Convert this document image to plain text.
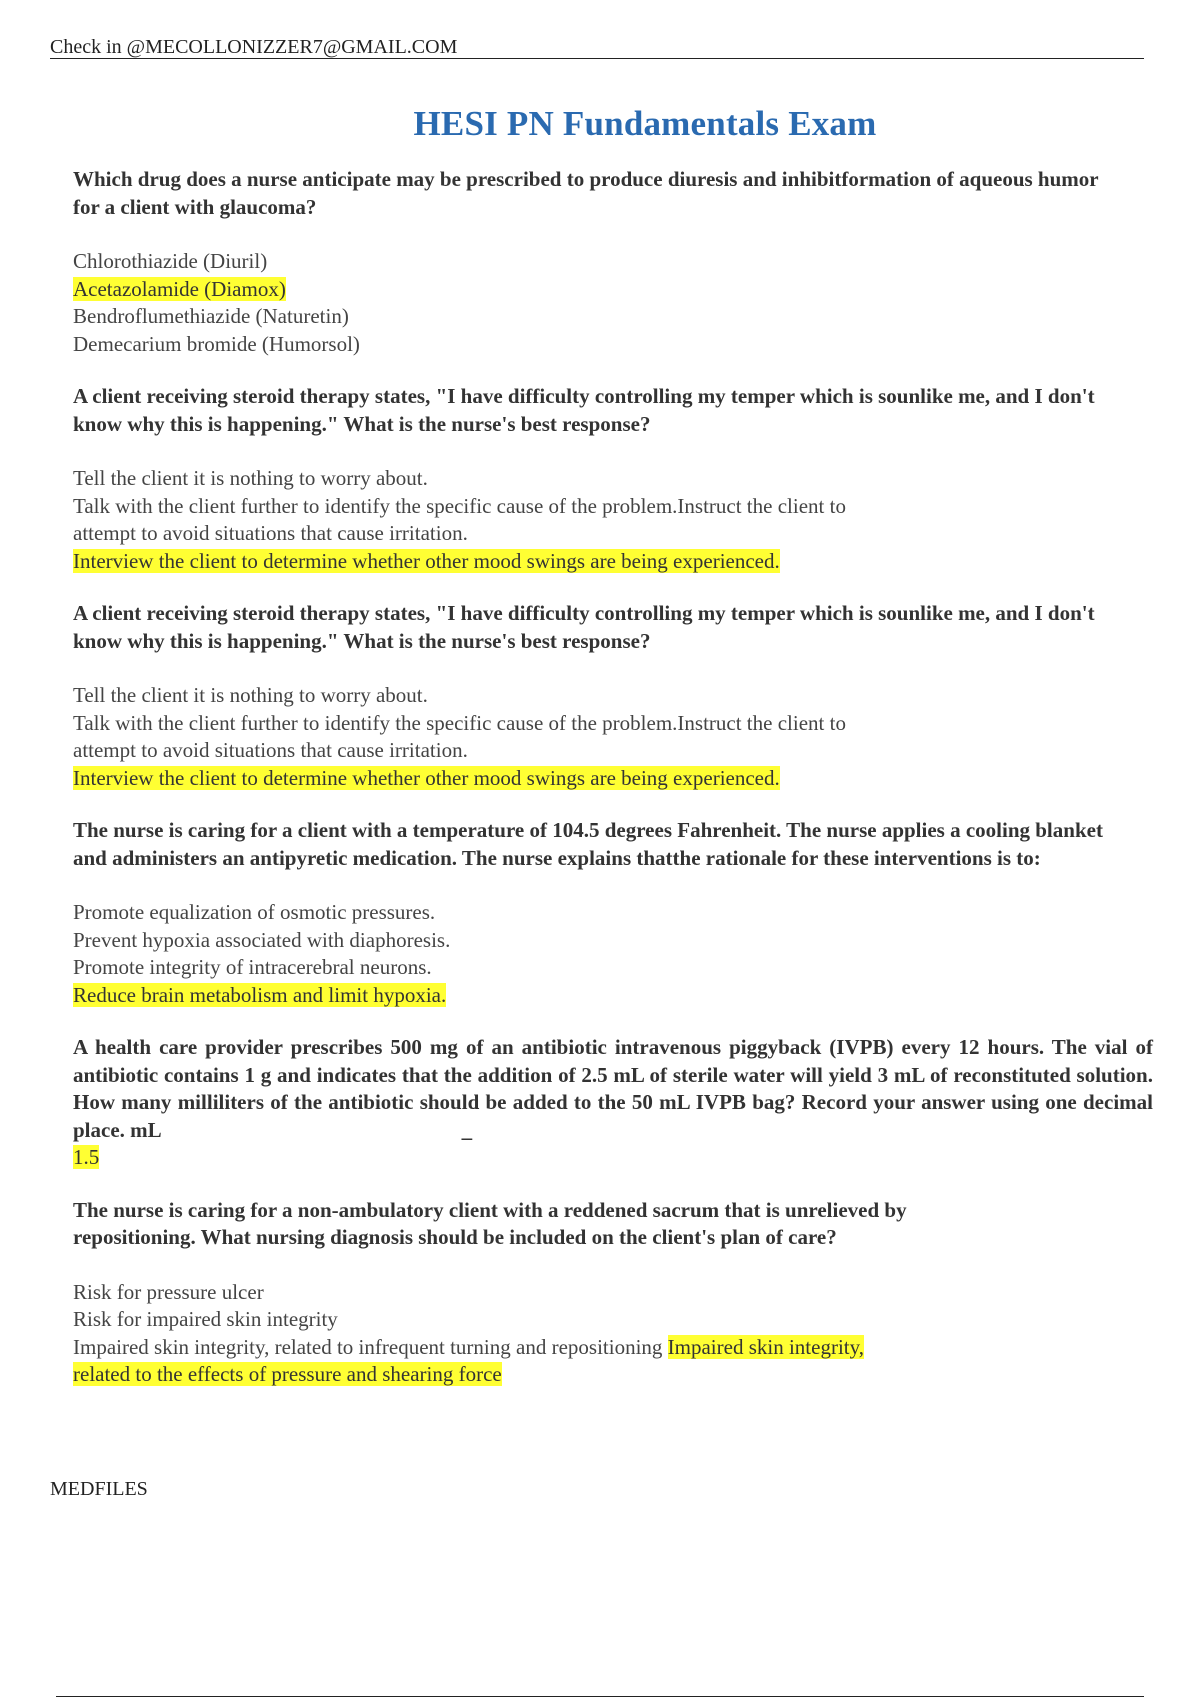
Check in @MECOLLONIZZER7@GMAIL.COM
HESI PN Fundamentals Exam

Which drug does a nurse anticipate may be prescribed to produce diuresis and inhibitformation of aqueous humor for a client with glaucoma?

Chlorothiazide (Diuril)
Acetazolamide (Diamox)
Bendroflumethiazide (Naturetin)
Demecarium bromide (Humorsol)

A client receiving steroid therapy states, "I have difficulty controlling my temper which is sounlike me, and I don't know why this is happening." What is the nurse's best response?

Tell the client it is nothing to worry about.
Talk with the client further to identify the specific cause of the problem.Instruct the client to attempt to avoid situations that cause irritation.
Interview the client to determine whether other mood swings are being experienced.

A client receiving steroid therapy states, "I have difficulty controlling my temper which is sounlike me, and I don't know why this is happening." What is the nurse's best response?

Tell the client it is nothing to worry about.
Talk with the client further to identify the specific cause of the problem.Instruct the client to attempt to avoid situations that cause irritation.
Interview the client to determine whether other mood swings are being experienced.

The nurse is caring for a client with a temperature of 104.5 degrees Fahrenheit. The nurse applies a cooling blanket and administers an antipyretic medication. The nurse explains thatthe rationale for these interventions is to:

Promote equalization of osmotic pressures.
Prevent hypoxia associated with diaphoresis.
Promote integrity of intracerebral neurons.
Reduce brain metabolism and limit hypoxia.

A health care provider prescribes 500 mg of an antibiotic intravenous piggyback (IVPB) every 12 hours. The vial of antibiotic contains 1 g and indicates that the addition of 2.5 mL of sterile water will yield 3 mL of reconstituted solution. How many milliliters of the antibiotic should be added to the 50 mL IVPB bag? Record your answer using one decimal place. mL	_

1.5

The nurse is caring for a non-ambulatory client with a reddened sacrum that is unrelieved by repositioning. What nursing diagnosis should be included on the client's plan of care?

Risk for pressure ulcer
Risk for impaired skin integrity
Impaired skin integrity, related to infrequent turning and repositioning Impaired skin integrity, related to the effects of pressure and shearing force
MEDFILES
